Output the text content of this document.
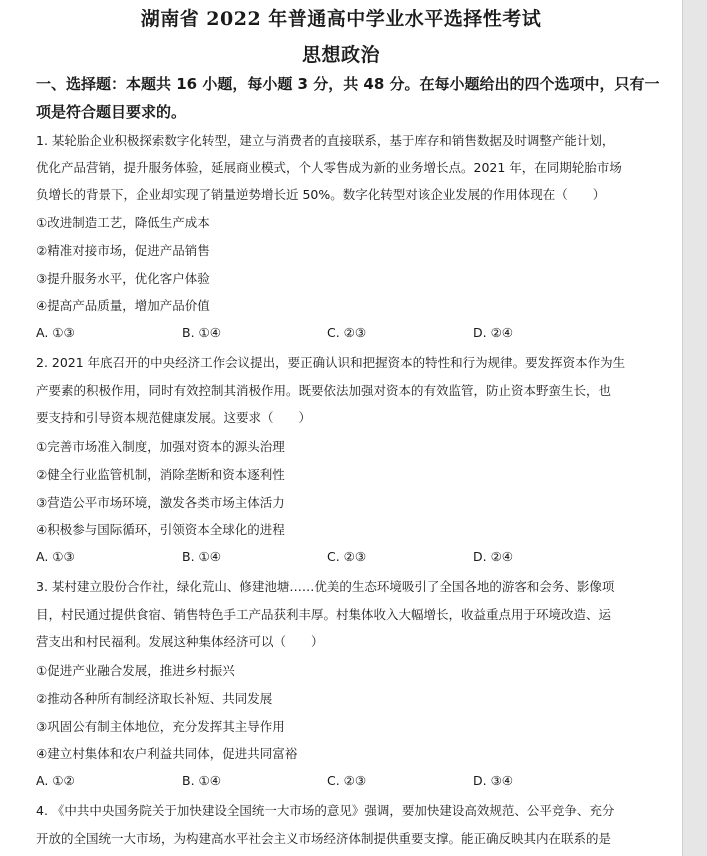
湖南省 2022 年普通高中学业水平选择性考试
思想政治
一、选择题：本题共 16 小题，每小题 3 分，共 48 分。在每小题给出的四个选项中，只有一
项是符合题目要求的。
1. 某轮胎企业积极探索数字化转型，建立与消费者的直接联系，基于库存和销售数据及时调整产能计划，
优化产品营销，提升服务体验，延展商业模式，个人零售成为新的业务增长点。2021 年，在同期轮胎市场
负增长的背景下，企业却实现了销量逆势增长近 50%。数字化转型对该企业发展的作用体现在（　　）
①改进制造工艺，降低生产成本
②精准对接市场，促进产品销售
③提升服务水平，优化客户体验
④提高产品质量，增加产品价值
A. ①③	B. ①④	C. ②③	D. ②④
2. 2021 年底召开的中央经济工作会议提出，要正确认识和把握资本的特性和行为规律。要发挥资本作为生
产要素的积极作用，同时有效控制其消极作用。既要依法加强对资本的有效监管，防止资本野蛮生长，也
要支持和引导资本规范健康发展。这要求（　　）
①完善市场准入制度，加强对资本的源头治理
②健全行业监管机制，消除垄断和资本逐利性
③营造公平市场环境，激发各类市场主体活力
④积极参与国际循环，引领资本全球化的进程
A. ①③	B. ①④	C. ②③	D. ②④
3. 某村建立股份合作社，绿化荒山、修建池塘……优美的生态环境吸引了全国各地的游客和会务、影像项
目，村民通过提供食宿、销售特色手工产品获利丰厚。村集体收入大幅增长，收益重点用于环境改造、运
营支出和村民福利。发展这种集体经济可以（　　）
①促进产业融合发展，推进乡村振兴
②推动各种所有制经济取长补短、共同发展
③巩固公有制主体地位，充分发挥其主导作用
④建立村集体和农户利益共同体，促进共同富裕
A. ①②	B. ①④	C. ②③	D. ③④
4. 《中共中央国务院关于加快建设全国统一大市场的意见》强调，要加快建设高效规范、公平竞争、充分
开放的全国统一大市场，为构建高水平社会主义市场经济体制提供重要支撑。能正确反映其内在联系的是
